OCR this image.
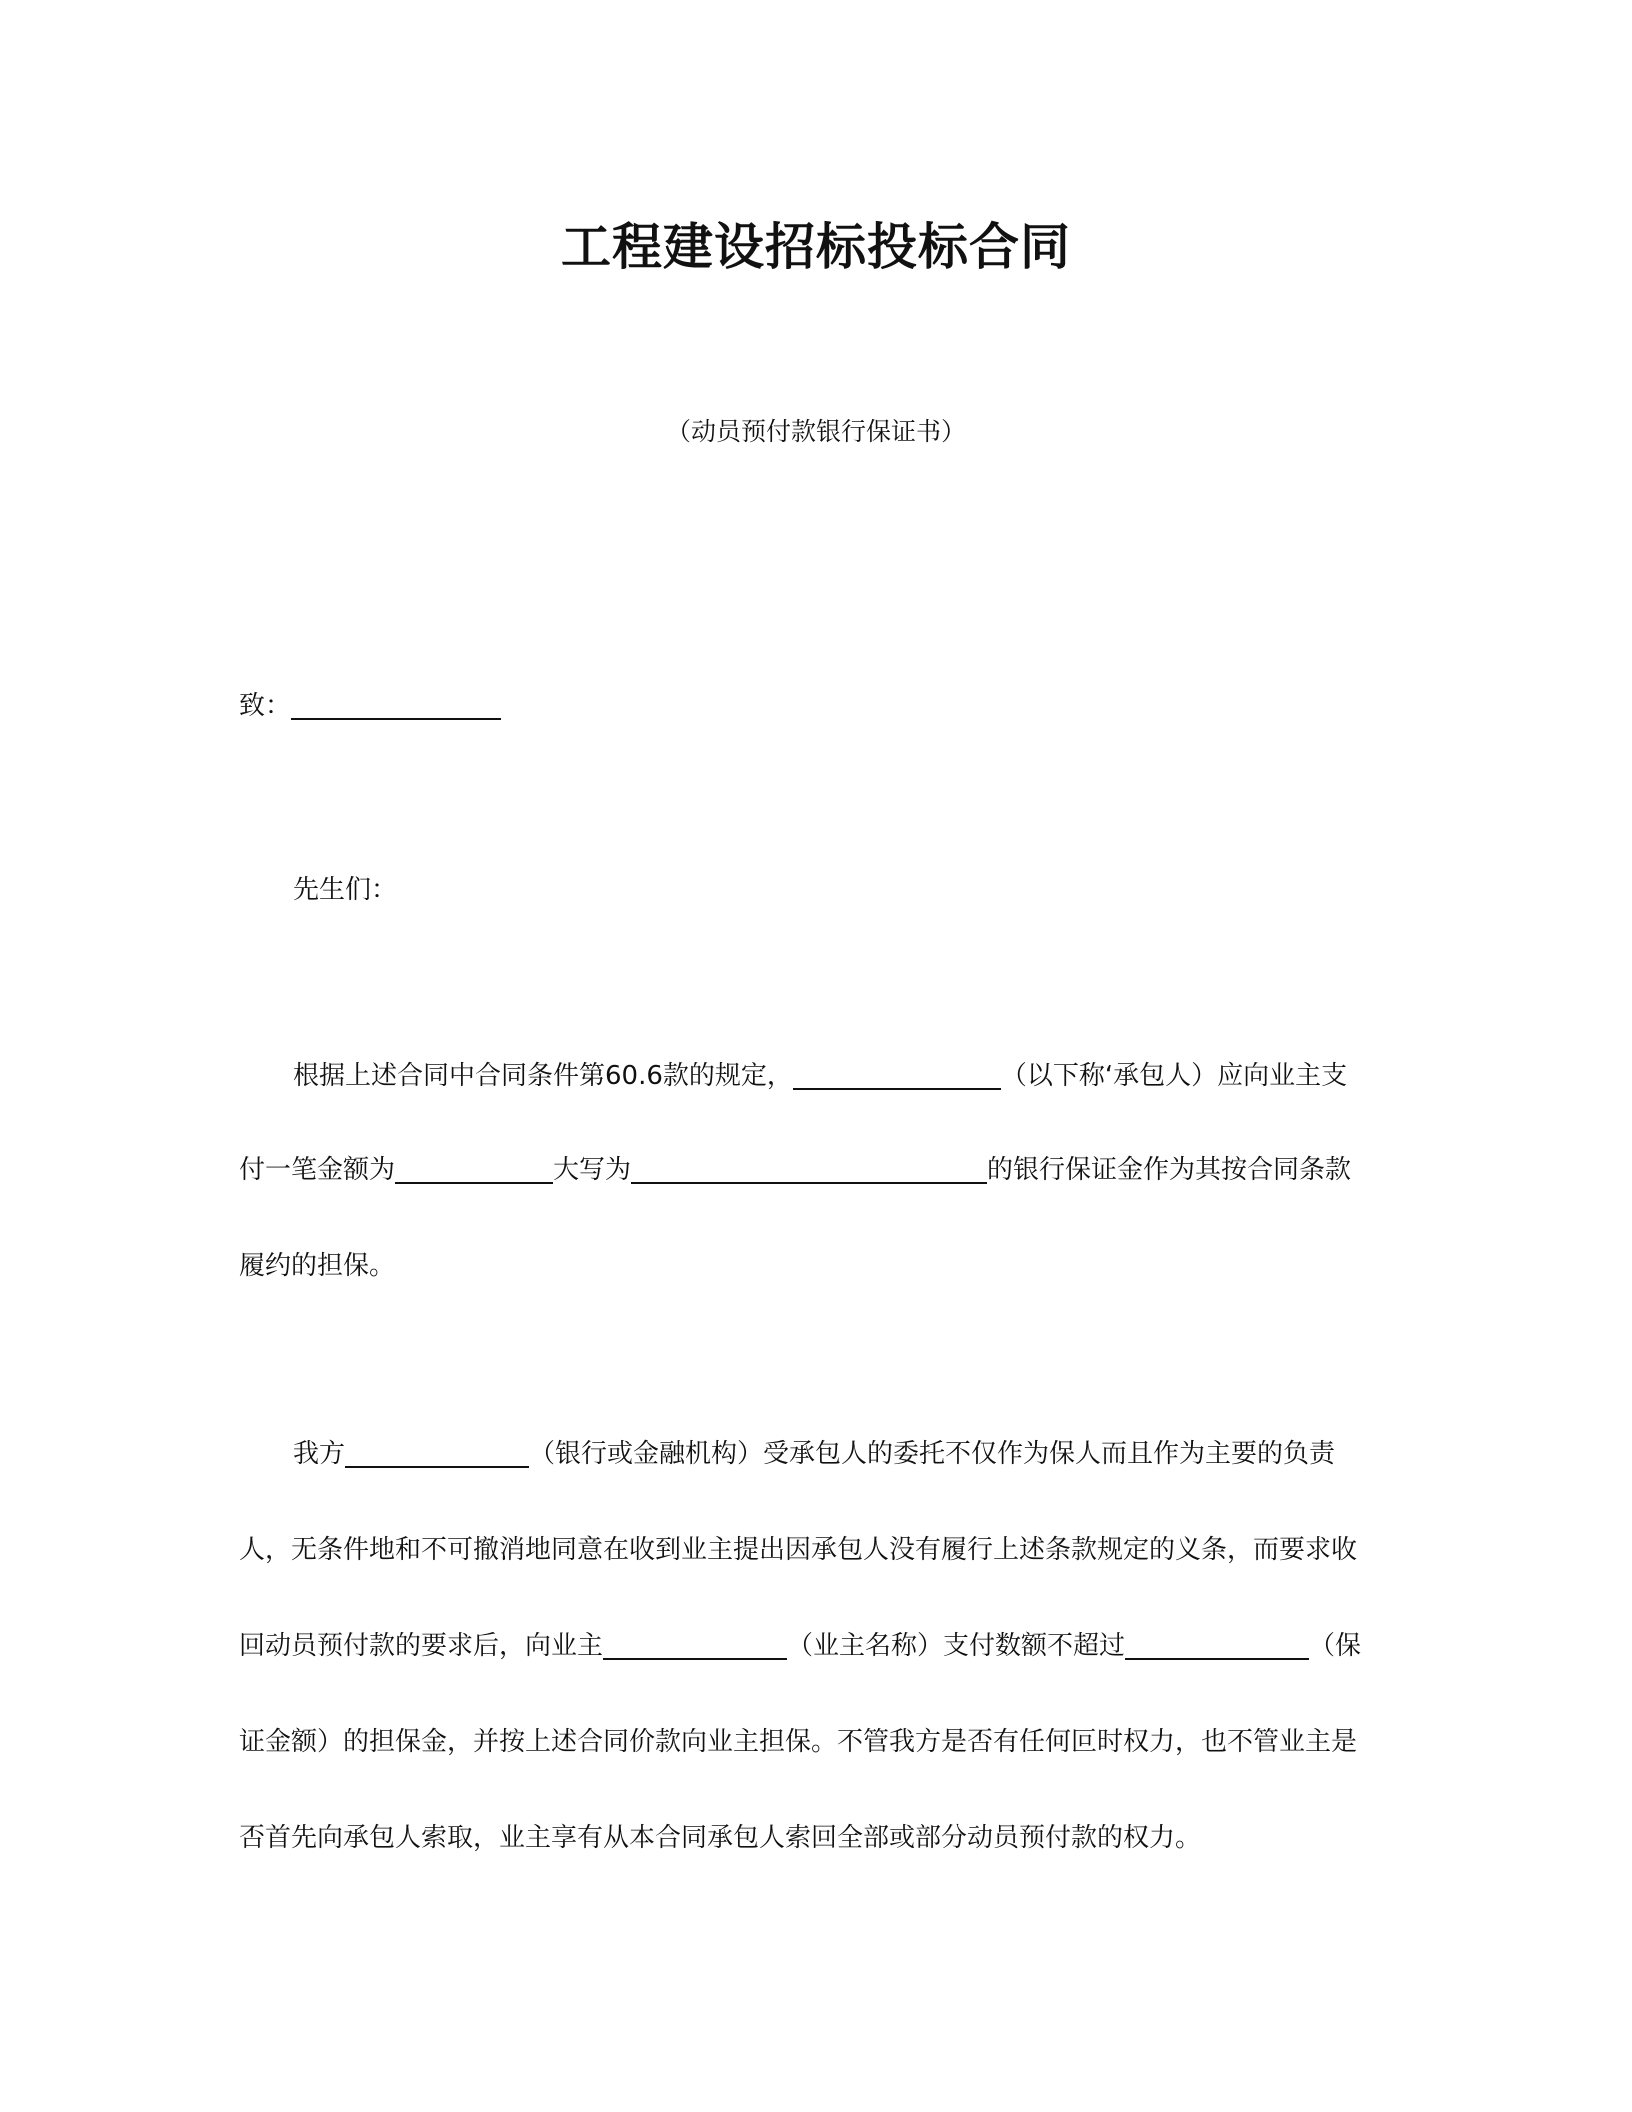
工程建设招标投标合同
（动员预付款银行保证书）
致：
先生们：
根据上述合同中合同条件第60.6款的规定，	（以下称‘承包人）应向业主支
付一笔金额为	大写为	的银行保证金作为其按合同条款
履约的担保。
我方	（银行或金融机构）受承包人的委托不仅作为保人而且作为主要的负责
人，无条件地和不可撤消地同意在收到业主提出因承包人没有履行上述条款规定的义条，而要求收
回动员预付款的要求后，向业主	（业主名称）支付数额不超过	（保
证金额）的担保金，并按上述合同价款向业主担保。不管我方是否有任何叵时权力，也不管业主是
否首先向承包人索取，业主享有从本合同承包人索回全部或部分动员预付款的权力。
